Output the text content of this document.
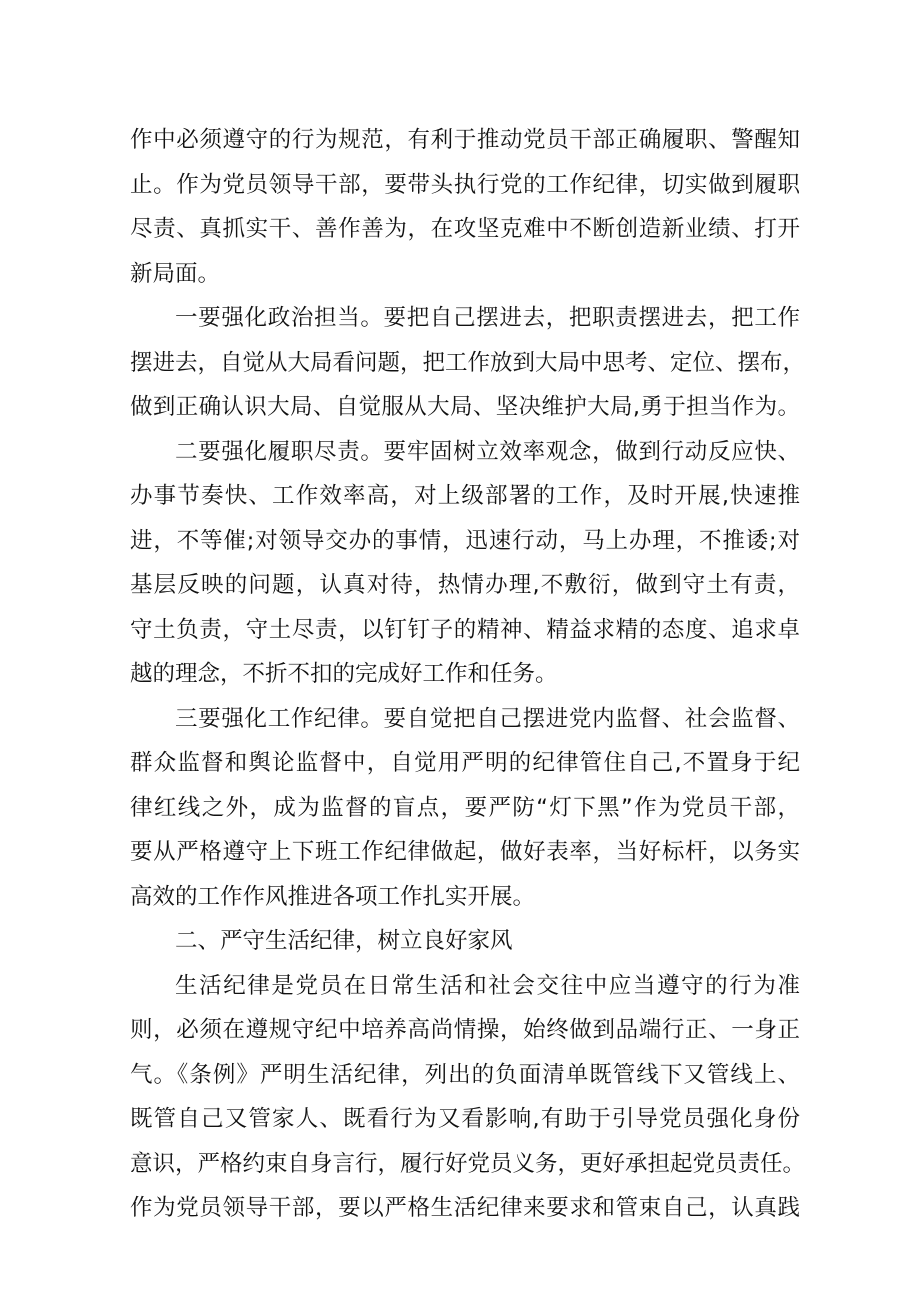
作中必须遵守的行为规范，有利于推动党员干部正确履职、警醒知
止。作为党员领导干部，要带头执行党的工作纪律，切实做到履职
尽责、真抓实干、善作善为，在攻坚克难中不断创造新业绩、打开
新局面。
一要强化政治担当。要把自己摆进去，把职责摆进去，把工作
摆进去，自觉从大局看问题，把工作放到大局中思考、定位、摆布，
做到正确认识大局、自觉服从大局、坚决维护大局,勇于担当作为。
二要强化履职尽责。要牢固树立效率观念，做到行动反应快、
办事节奏快、工作效率高，对上级部署的工作，及时开展,快速推
进，不等催;对领导交办的事情，迅速行动，马上办理，不推诿;对
基层反映的问题，认真对待，热情办理,不敷衍，做到守土有责，
守土负责，守土尽责，以钉钉子的精神、精益求精的态度、追求卓
越的理念，不折不扣的完成好工作和任务。
三要强化工作纪律。要自觉把自己摆进党内监督、社会监督、
群众监督和舆论监督中，自觉用严明的纪律管住自己,不置身于纪
律红线之外，成为监督的盲点，要严防“灯下黑”作为党员干部，
要从严格遵守上下班工作纪律做起，做好表率，当好标杆，以务实
高效的工作作风推进各项工作扎实开展。
二、严守生活纪律，树立良好家风
生活纪律是党员在日常生活和社会交往中应当遵守的行为准
则，必须在遵规守纪中培养高尚情操，始终做到品端行正、一身正
气。《条例》严明生活纪律，列出的负面清单既管线下又管线上、
既管自己又管家人、既看行为又看影响,有助于引导党员强化身份
意识，严格约束自身言行，履行好党员义务，更好承担起党员责任。
作为党员领导干部，要以严格生活纪律来要求和管束自己，认真践
